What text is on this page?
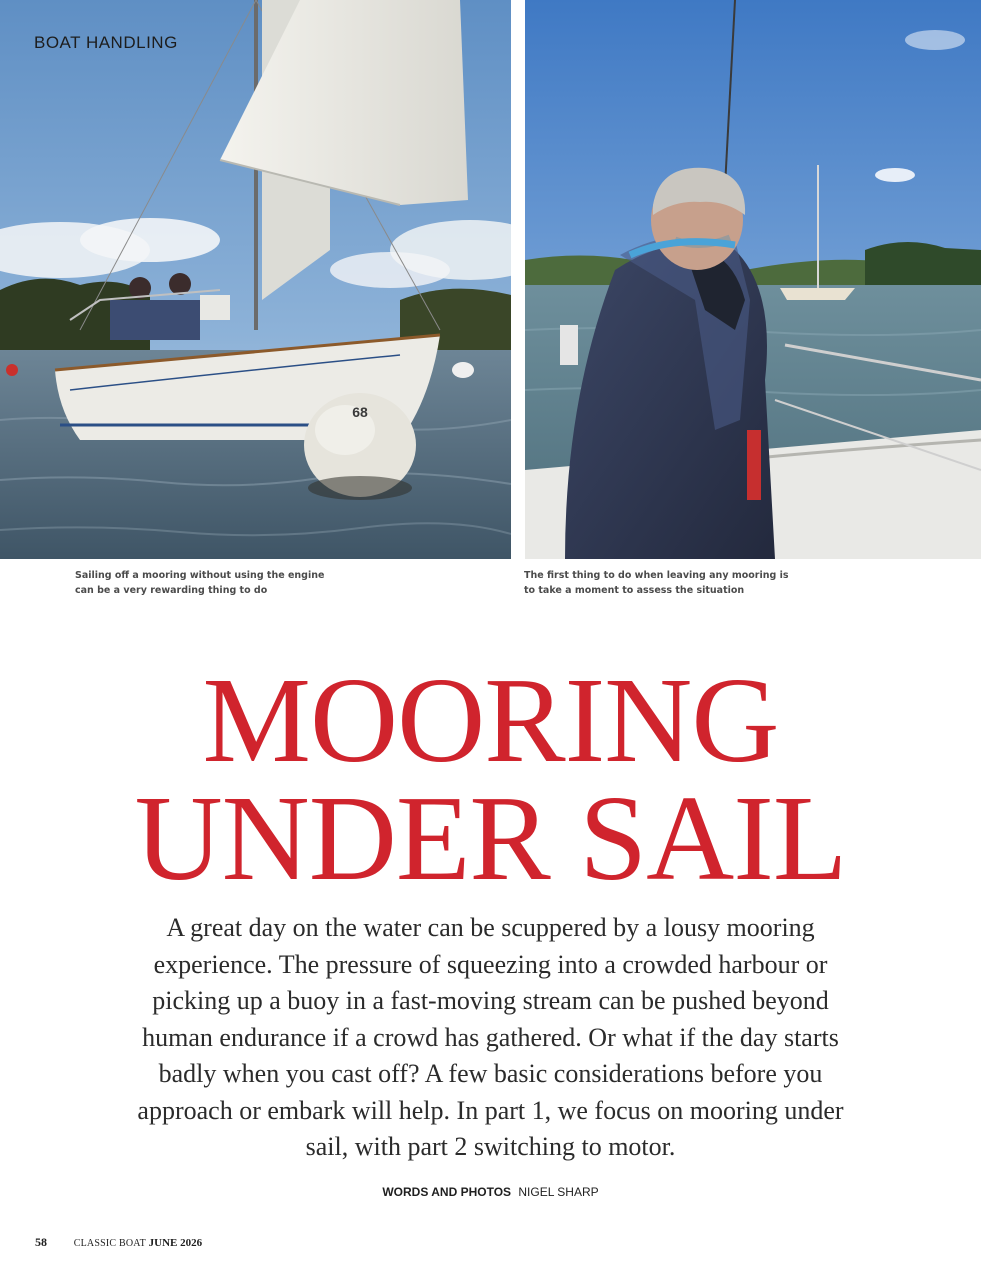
68
BOAT HANDLING
Sailing off a mooring without using the engine
can be a very rewarding thing to do
The first thing to do when leaving any mooring is
to take a moment to assess the situation
MOORING
UNDER SAIL
A great day on the water can be scuppered by a lousy mooring
experience. The pressure of squeezing into a crowded harbour or
picking up a buoy in a fast-moving stream can be pushed beyond
human endurance if a crowd has gathered. Or what if the day starts
badly when you cast off? A few basic considerations before you
approach or embark will help. In part 1, we focus on mooring under
sail, with part 2 switching to motor.
WORDS AND PHOTOS NIGEL SHARP
58	CLASSIC BOAT JUNE 2026
